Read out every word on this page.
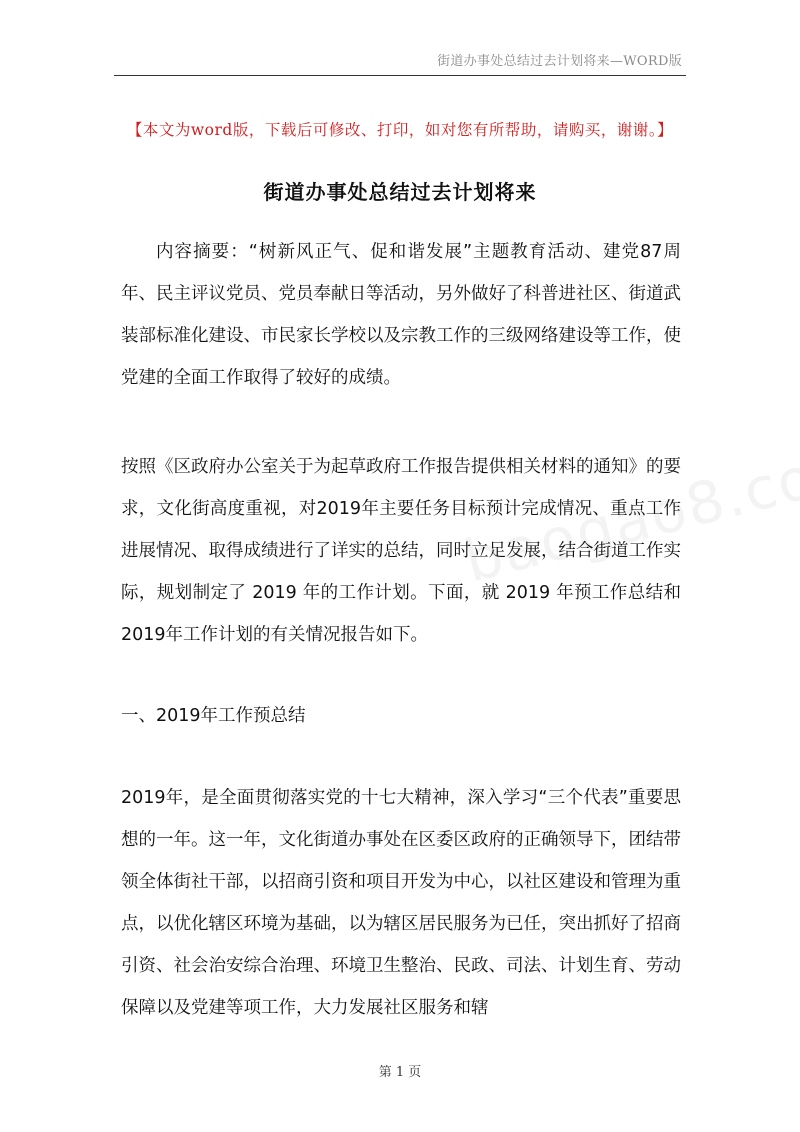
街道办事处总结过去计划将来—WORD版
【本文为word版，下载后可修改、打印，如对您有所帮助，请购买，谢谢。】
街道办事处总结过去计划将来

内容摘要：“树新风正气、促和谐发展”主题教育活动、建党87周年、民主评议党员、党员奉献日等活动，另外做好了科普进社区、街道武装部标准化建设、市民家长学校以及宗教工作的三级网络建设等工作，使党建的全面工作取得了较好的成绩。

按照《区政府办公室关于为起草政府工作报告提供相关材料的通知》的要求，文化街高度重视，对2019年主要任务目标预计完成情况、重点工作进展情况、取得成绩进行了详实的总结，同时立足发展，结合街道工作实际，规划制定了 2019 年的工作计划。下面，就 2019 年预工作总结和2019年工作计划的有关情况报告如下。

一、2019年工作预总结

2019年，是全面贯彻落实党的十七大精神，深入学习“三个代表”重要思想的一年。这一年，文化街道办事处在区委区政府的正确领导下，团结带领全体街社干部，以招商引资和项目开发为中心，以社区建设和管理为重点，以优化辖区环境为基础，以为辖区居民服务为已任，突出抓好了招商引资、社会治安综合治理、环境卫生整治、民政、司法、计划生育、劳动保障以及党建等项工作，大力发展社区服务和辖

第 1 页
